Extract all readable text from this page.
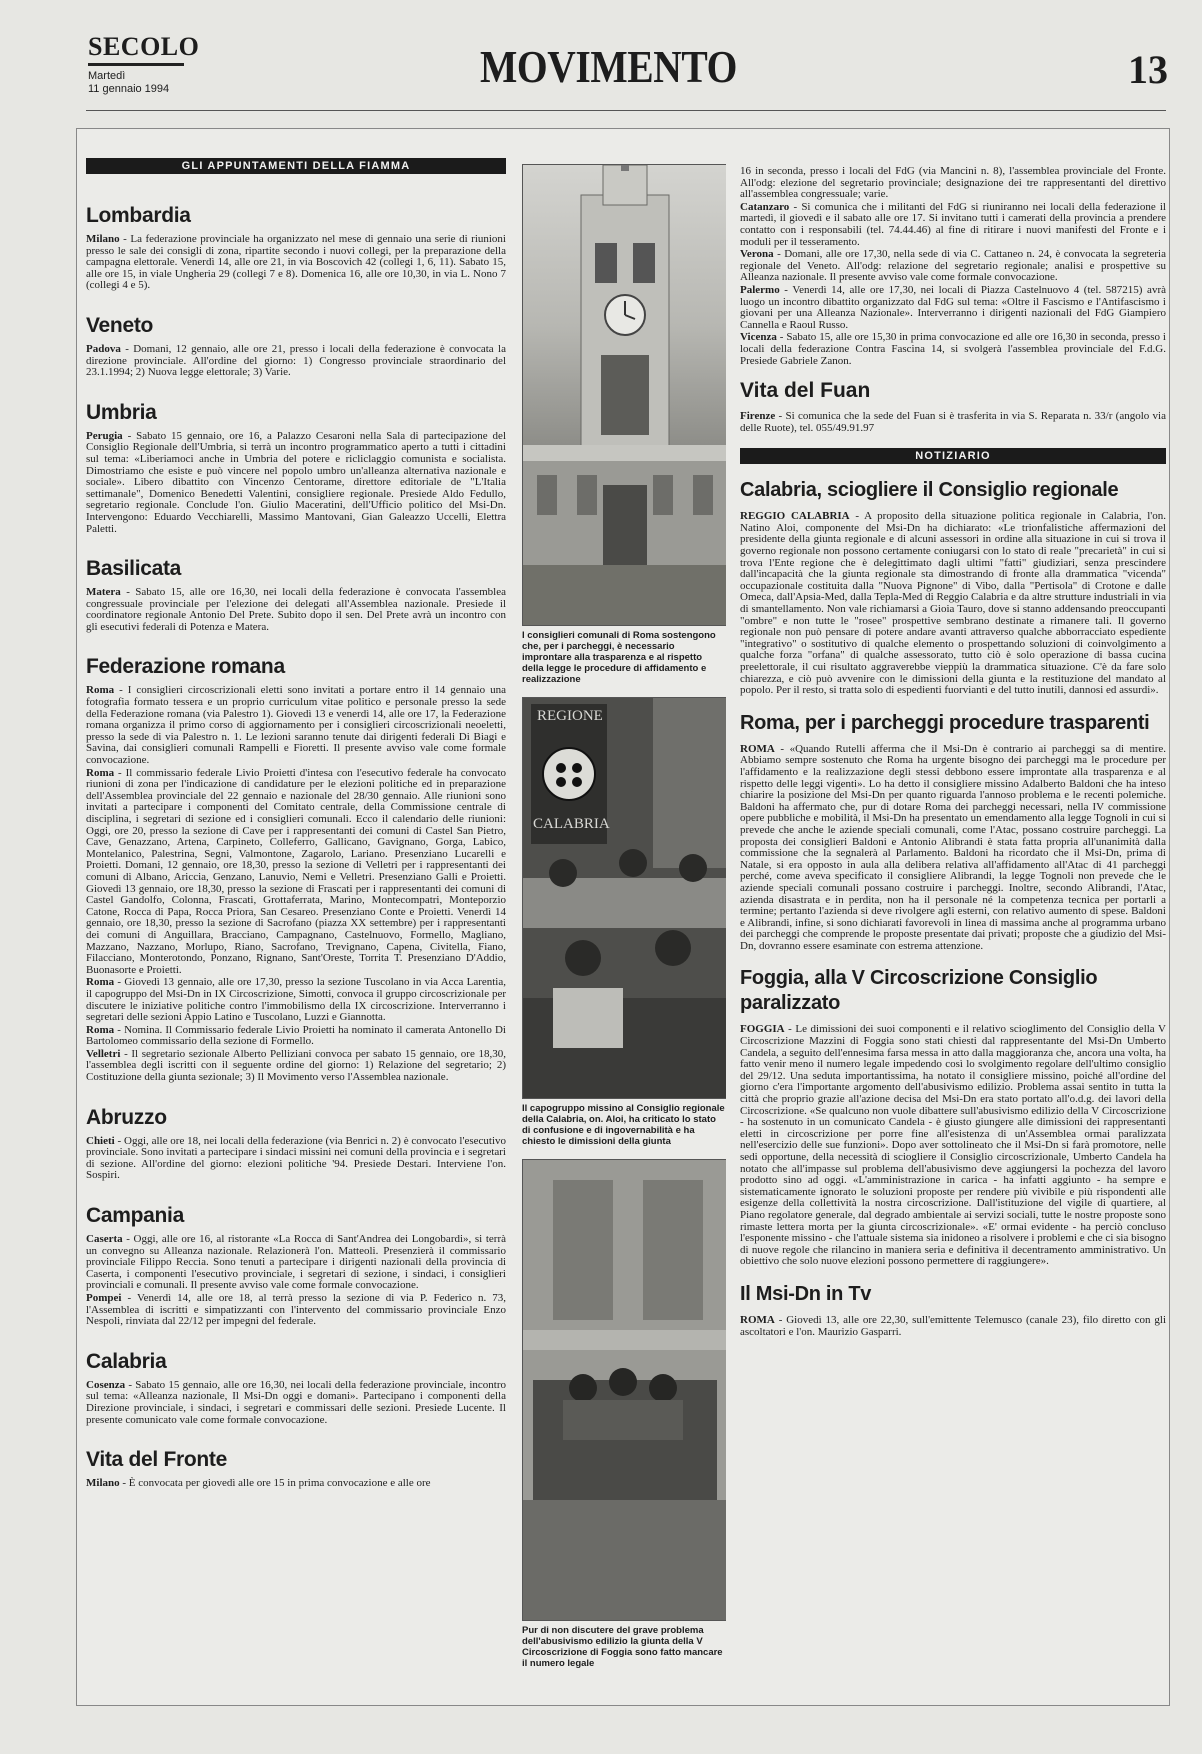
SECOLO
Martedì
11 gennaio 1994	MOVIMENTO	13
GLI APPUNTAMENTI DELLA FIAMMA
Lombardia

Milano - La federazione provinciale ha organizzato nel mese di gennaio una serie di riunioni presso le sale dei consigli di zona, ripartite secondo i nuovi collegi, per la preparazione della campagna elettorale. Venerdì 14, alle ore 21, in via Boscovich 42 (collegi 1, 6, 11). Sabato 15, alle ore 15, in viale Ungheria 29 (collegi 7 e 8). Domenica 16, alle ore 10,30, in via L. Nono 7 (collegi 4 e 5).

Veneto

Padova - Domani, 12 gennaio, alle ore 21, presso i locali della federazione è convocata la direzione provinciale. All'ordine del giorno: 1) Congresso provinciale straordinario del 23.1.1994; 2) Nuova legge elettorale; 3) Varie.

Umbria

Perugia - Sabato 15 gennaio, ore 16, a Palazzo Cesaroni nella Sala di partecipazione del Consiglio Regionale dell'Umbria, si terrà un incontro programmatico aperto a tutti i cittadini sul tema: «Liberiamoci anche in Umbria del potere e ricliclaggio comunista e socialista. Dimostriamo che esiste e può vincere nel popolo umbro un'alleanza alternativa nazionale e sociale». Libero dibattito con Vincenzo Centorame, direttore editoriale de "L'Italia settimanale", Domenico Benedetti Valentini, consigliere regionale. Presiede Aldo Fedullo, segretario regionale. Conclude l'on. Giulio Maceratini, dell'Ufficio politico del Msi-Dn. Intervengono: Eduardo Vecchiarelli, Massimo Mantovani, Gian Galeazzo Uccelli, Elettra Paletti.

Basilicata

Matera - Sabato 15, alle ore 16,30, nei locali della federazione è convocata l'assemblea congressuale provinciale per l'elezione dei delegati all'Assemblea nazionale. Presiede il coordinatore regionale Antonio Del Prete. Subito dopo il sen. Del Prete avrà un incontro con gli esecutivi federali di Potenza e Matera.

Federazione romana

Roma - I consiglieri circoscrizionali eletti sono invitati a portare entro il 14 gennaio una fotografia formato tessera e un proprio curriculum vitae politico e personale presso la sede della Federazione romana (via Palestro 1). Giovedì 13 e venerdì 14, alle ore 17, la Federazione romana organizza il primo corso di aggiornamento per i consiglieri circoscrizionali neoeletti, presso la sede di via Palestro n. 1. Le lezioni saranno tenute dai dirigenti federali Di Biagi e Savina, dai consiglieri comunali Rampelli e Fioretti. Il presente avviso vale come formale convocazione.

Roma - Il commissario federale Livio Proietti d'intesa con l'esecutivo federale ha convocato riunioni di zona per l'indicazione di candidature per le elezioni politiche ed in preparazione dell'Assemblea provinciale del 22 gennaio e nazionale del 28/30 gennaio. Alle riunioni sono invitati a partecipare i componenti del Comitato centrale, della Commissione centrale di disciplina, i segretari di sezione ed i consiglieri comunali. Ecco il calendario delle riunioni: Oggi, ore 20, presso la sezione di Cave per i rappresentanti dei comuni di Castel San Pietro, Cave, Genazzano, Artena, Carpineto, Colleferro, Gallicano, Gavignano, Gorga, Labico, Montelanico, Palestrina, Segni, Valmontone, Zagarolo, Lariano. Presenziano Lucarelli e Proietti. Domani, 12 gennaio, ore 18,30, presso la sezione di Velletri per i rappresentanti dei comuni di Albano, Ariccia, Genzano, Lanuvio, Nemi e Velletri. Presenziano Galli e Proietti. Giovedì 13 gennaio, ore 18,30, presso la sezione di Frascati per i rappresentanti dei comuni di Castel Gandolfo, Colonna, Frascati, Grottaferrata, Marino, Montecompatri, Monteporzio Catone, Rocca di Papa, Rocca Priora, San Cesareo. Presenziano Conte e Proietti. Venerdì 14 gennaio, ore 18,30, presso la sezione di Sacrofano (piazza XX settembre) per i rappresentanti dei comuni di Anguillara, Bracciano, Campagnano, Castelnuovo, Formello, Magliano, Mazzano, Nazzano, Morlupo, Riano, Sacrofano, Trevignano, Capena, Civitella, Fiano, Filacciano, Monterotondo, Ponzano, Rignano, Sant'Oreste, Torrita T. Presenziano D'Addio, Buonasorte e Proietti.

Roma - Giovedì 13 gennaio, alle ore 17,30, presso la sezione Tuscolano in via Acca Larentia, il capogruppo del Msi-Dn in IX Circoscrizione, Simotti, convoca il gruppo circoscrizionale per discutere le iniziative politiche contro l'immobilismo della IX circoscrizione. Interverranno i segretari delle sezioni Appio Latino e Tuscolano, Luzzi e Giannotta.

Roma - Nomina. Il Commissario federale Livio Proietti ha nominato il camerata Antonello Di Bartolomeo commissario della sezione di Formello.

Velletri - Il segretario sezionale Alberto Pelliziani convoca per sabato 15 gennaio, ore 18,30, l'assemblea degli iscritti con il seguente ordine del giorno: 1) Relazione del segretario; 2) Costituzione della giunta sezionale; 3) Il Movimento verso l'Assemblea nazionale.

Abruzzo

Chieti - Oggi, alle ore 18, nei locali della federazione (via Benrici n. 2) è convocato l'esecutivo provinciale. Sono invitati a partecipare i sindaci missini nei comuni della provincia e i segretari di sezione. All'ordine del giorno: elezioni politiche '94. Presiede Destari. Interviene l'on. Sospiri.

Campania

Caserta - Oggi, alle ore 16, al ristorante «La Rocca di Sant'Andrea dei Longobardi», si terrà un convegno su Alleanza nazionale. Relazionerà l'on. Matteoli. Presenzierà il commissario provinciale Filippo Reccia. Sono tenuti a partecipare i dirigenti nazionali della provincia di Caserta, i componenti l'esecutivo provinciale, i segretari di sezione, i sindaci, i consiglieri provinciali e comunali. Il presente avviso vale come formale convocazione.

Pompei - Venerdì 14, alle ore 18, al terrà presso la sezione di via P. Federico n. 73, l'Assemblea di iscritti e simpatizzanti con l'intervento del commissario provinciale Enzo Nespoli, rinviata dal 22/12 per impegni del federale.

Calabria

Cosenza - Sabato 15 gennaio, alle ore 16,30, nei locali della federazione provinciale, incontro sul tema: «Alleanza nazionale, Il Msi-Dn oggi e domani». Partecipano i componenti della Direzione provinciale, i sindaci, i segretari e commissari delle sezioni. Presiede Lucente. Il presente comunicato vale come formale convocazione.

Vita del Fronte

Milano - È convocata per giovedì alle ore 15 in prima convocazione e alle ore

I consiglieri comunali di Roma sostengono che, per i parcheggi, è necessario improntare alla trasparenza e al rispetto della legge le procedure di affidamento e realizzazione
REGIONE
CALABRIA
Il capogruppo missino al Consiglio regionale della Calabria, on. Aloi, ha criticato lo stato di confusione e di ingovernabilità e ha chiesto le dimissioni della giunta
Pur di non discutere del grave problema dell'abusivismo edilizio la giunta della V Circoscrizione di Foggia sono fatto mancare il numero legale

16 in seconda, presso i locali del FdG (via Mancini n. 8), l'assemblea provinciale del Fronte. All'odg: elezione del segretario provinciale; designazione dei tre rappresentanti del direttivo all'assemblea congressuale; varie.

Catanzaro - Si comunica che i militanti del FdG si riuniranno nei locali della federazione il martedì, il giovedì e il sabato alle ore 17. Si invitano tutti i camerati della provincia a prendere contatto con i responsabili (tel. 74.44.46) al fine di ritirare i nuovi manifesti del Fronte e i moduli per il tesseramento.

Verona - Domani, alle ore 17,30, nella sede di via C. Cattaneo n. 24, è convocata la segreteria regionale del Veneto. All'odg: relazione del segretario regionale; analisi e prospettive su Alleanza nazionale. Il presente avviso vale come formale convocazione.

Palermo - Venerdì 14, alle ore 17,30, nei locali di Piazza Castelnuovo 4 (tel. 587215) avrà luogo un incontro dibattito organizzato dal FdG sul tema: «Oltre il Fascismo e l'Antifascismo i giovani per una Alleanza Nazionale». Interverranno i dirigenti nazionali del FdG Giampiero Cannella e Raoul Russo.

Vicenza - Sabato 15, alle ore 15,30 in prima convocazione ed alle ore 16,30 in seconda, presso i locali della federazione Contra Fascina 14, si svolgerà l'assemblea provinciale del F.d.G. Presiede Gabriele Zanon.

Vita del Fuan

Firenze - Si comunica che la sede del Fuan si è trasferita in via S. Reparata n. 33/r (angolo via delle Ruote), tel. 055/49.91.97

NOTIZIARIO
Calabria, sciogliere il Consiglio regionale

REGGIO CALABRIA - A proposito della situazione politica regionale in Calabria, l'on. Natino Aloi, componente del Msi-Dn ha dichiarato: «Le trionfalistiche affermazioni del presidente della giunta regionale e di alcuni assessori in ordine alla situazione in cui si trova il governo regionale non possono certamente coniugarsi con lo stato di reale "precarietà" in cui si trova l'Ente regione che è delegittimato dagli ultimi "fatti" giudiziari, senza prescindere dall'incapacità che la giunta regionale sta dimostrando di fronte alla drammatica "vicenda" occupazionale costituita dalla "Nuova Pignone" di Vibo, dalla "Pertisola" di Crotone e dalle Omeca, dall'Apsia-Med, dalla Tepla-Med di Reggio Calabria e da altre strutture industriali in via di smantellamento. Non vale richiamarsi a Gioia Tauro, dove si stanno addensando preoccupanti "ombre" e non tutte le "rosee" prospettive sembrano destinate a rimanere tali. Il governo regionale non può pensare di potere andare avanti attraverso qualche abborracciato espediente "integrativo" o sostitutivo di qualche elemento o prospettando soluzioni di coinvolgimento a qualche forza "orfana" di qualche assessorato, tutto ciò è solo operazione di bassa cucina preelettorale, il cui risultato aggraverebbe vieppiù la drammatica situazione. C'è da fare solo chiarezza, e ciò può avvenire con le dimissioni della giunta e la restituzione del mandato al popolo. Per il resto, si tratta solo di espedienti fuorvianti e del tutto inutili, dannosi ed assurdi».

Roma, per i parcheggi procedure trasparenti

ROMA - «Quando Rutelli afferma che il Msi-Dn è contrario ai parcheggi sa di mentire. Abbiamo sempre sostenuto che Roma ha urgente bisogno dei parcheggi ma le procedure per l'affidamento e la realizzazione degli stessi debbono essere improntate alla trasparenza e al rispetto delle leggi vigenti». Lo ha detto il consigliere missino Adalberto Baldoni che ha inteso chiarire la posizione del Msi-Dn per quanto riguarda l'annoso problema e le recenti polemiche. Baldoni ha affermato che, pur di dotare Roma dei parcheggi necessari, nella IV commissione opere pubbliche e mobilità, il Msi-Dn ha presentato un emendamento alla legge Tognoli in cui si prevede che anche le aziende speciali comunali, come l'Atac, possano costruire parcheggi. La proposta dei consiglieri Baldoni e Antonio Alibrandi è stata fatta propria all'unanimità dalla commissione che la segnalerà al Parlamento. Baldoni ha ricordato che il Msi-Dn, prima di Natale, si era opposto in aula alla delibera relativa all'affidamento all'Atac di 41 parcheggi perché, come aveva specificato il consigliere Alibrandi, la legge Tognoli non prevede che le aziende speciali comunali possano costruire i parcheggi. Inoltre, secondo Alibrandi, l'Atac, azienda disastrata e in perdita, non ha il personale né la competenza tecnica per portarli a termine; pertanto l'azienda si deve rivolgere agli esterni, con relativo aumento di spese. Baldoni e Alibrandi, infine, si sono dichiarati favorevoli in linea di massima anche al programma urbano dei parcheggi che comprende le proposte presentate dai privati; proposte che a giudizio del Msi-Dn, dovranno essere esaminate con estrema attenzione.

Foggia, alla V Circoscrizione Consiglio paralizzato

FOGGIA - Le dimissioni dei suoi componenti e il relativo scioglimento del Consiglio della V Circoscrizione Mazzini di Foggia sono stati chiesti dal rappresentante del Msi-Dn Umberto Candela, a seguito dell'ennesima farsa messa in atto dalla maggioranza che, ancora una volta, ha fatto venir meno il numero legale impedendo così lo svolgimento regolare dell'ultimo consiglio del 29/12. Una seduta importantissima, ha notato il consigliere missino, poiché all'ordine del giorno c'era l'importante argomento dell'abusivismo edilizio. Problema assai sentito in tutta la città che proprio grazie all'azione decisa del Msi-Dn era stato portato all'o.d.g. dei lavori della Circoscrizione. «Se qualcuno non vuole dibattere sull'abusivismo edilizio della V Circoscrizione - ha sostenuto in un comunicato Candela - è giusto giungere alle dimissioni dei rappresentanti eletti in circoscrizione per porre fine all'esistenza di un'Assemblea ormai paralizzata nell'esercizio delle sue funzioni». Dopo aver sottolineato che il Msi-Dn si farà promotore, nelle sedi opportune, della necessità di sciogliere il Consiglio circoscrizionale, Umberto Candela ha notato che all'impasse sul problema dell'abusivismo deve aggiungersi la pochezza del lavoro prodotto sino ad oggi. «L'amministrazione in carica - ha infatti aggiunto - ha sempre e sistematicamente ignorato le soluzioni proposte per rendere più vivibile e più rispondenti alle esigenze della collettività la nostra circoscrizione. Dall'istituzione del vigile di quartiere, al Piano regolatore generale, dal degrado ambientale ai servizi sociali, tutte le nostre proposte sono rimaste lettera morta per la giunta circoscrizionale». «E' ormai evidente - ha perciò concluso l'esponente missino - che l'attuale sistema sia inidoneo a risolvere i problemi e che ci sia bisogno di nuove regole che rilancino in maniera seria e definitiva il decentramento amministrativo. Un obiettivo che solo nuove elezioni possono permettere di raggiungere».

Il Msi-Dn in Tv

ROMA - Giovedì 13, alle ore 22,30, sull'emittente Telemusco (canale 23), filo diretto con gli ascoltatori e l'on. Maurizio Gasparri.
